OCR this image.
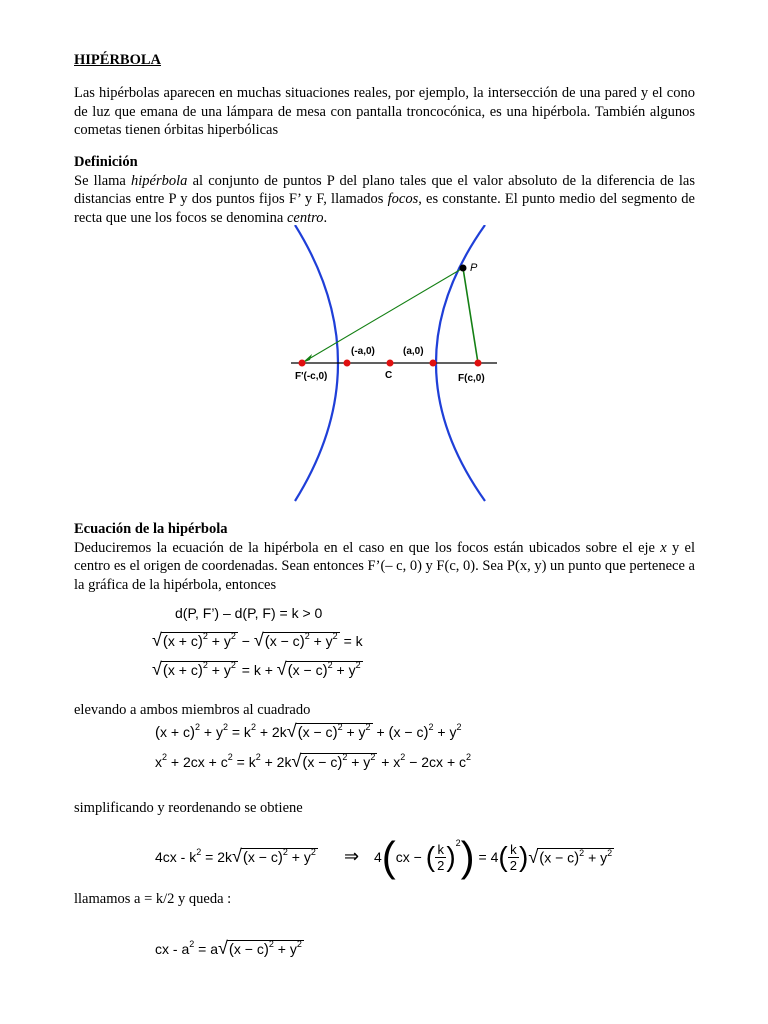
HIPÉRBOLA
Las hipérbolas aparecen en muchas situaciones reales, por ejemplo, la intersección de una pared y el cono de luz que emana de una lámpara de mesa con pantalla troncocónica, es una hipérbola. También algunos cometas tienen órbitas hiperbólicas
Definición
Se llama hipérbola al conjunto de puntos P del plano tales que el valor absoluto de la diferencia de las distancias entre P y dos puntos fijos F’ y F, llamados focos, es constante. El punto medio del segmento de recta que une los focos se denomina centro.
P
(-a,0)	(a,0)
F'(-c,0)	C	F(c,0)
Ecuación de la hipérbola
Deduciremos la ecuación de la hipérbola en el caso en que los focos están ubicados sobre el eje x y el centro es el origen de coordenadas. Sean entonces F’(– c, 0) y F(c, 0). Sea P(x, y) un punto que pertenece a la gráfica de la hipérbola, entonces
d(P, F’) – d(P, F) = k > 0
$√(x + c)^2 + y^2 - √(x - c)^2 + y^2 = k$
$√(x + c)^2 + y^2 = k + √(x - c)^2 + y^2$
elevando a ambos miembros al cuadrado
$(x + c)^2 + y^2 = k^2 + 2k√(x - c)^2 + y^2 + (x - c)^2 + y^2$
$x^2 + 2cx + c^2 = k^2 + 2k√(x - c)^2 + y^2 + x^2 - 2cx + c^2$
simplificando y reordenando se obtiene
$4cx - k^2 = 2k√(x - c)^2 + y^2$ ⇒ 4 ( cx − ( $\frac{k}{2} )^2$ ) = 4 ( $\frac{k}{2}$ ) √ $(x - c)^2 + y^2$
llamamos a = k/2 y queda :
cx - $a^2 = a√(x - c)^2 + y^2$
